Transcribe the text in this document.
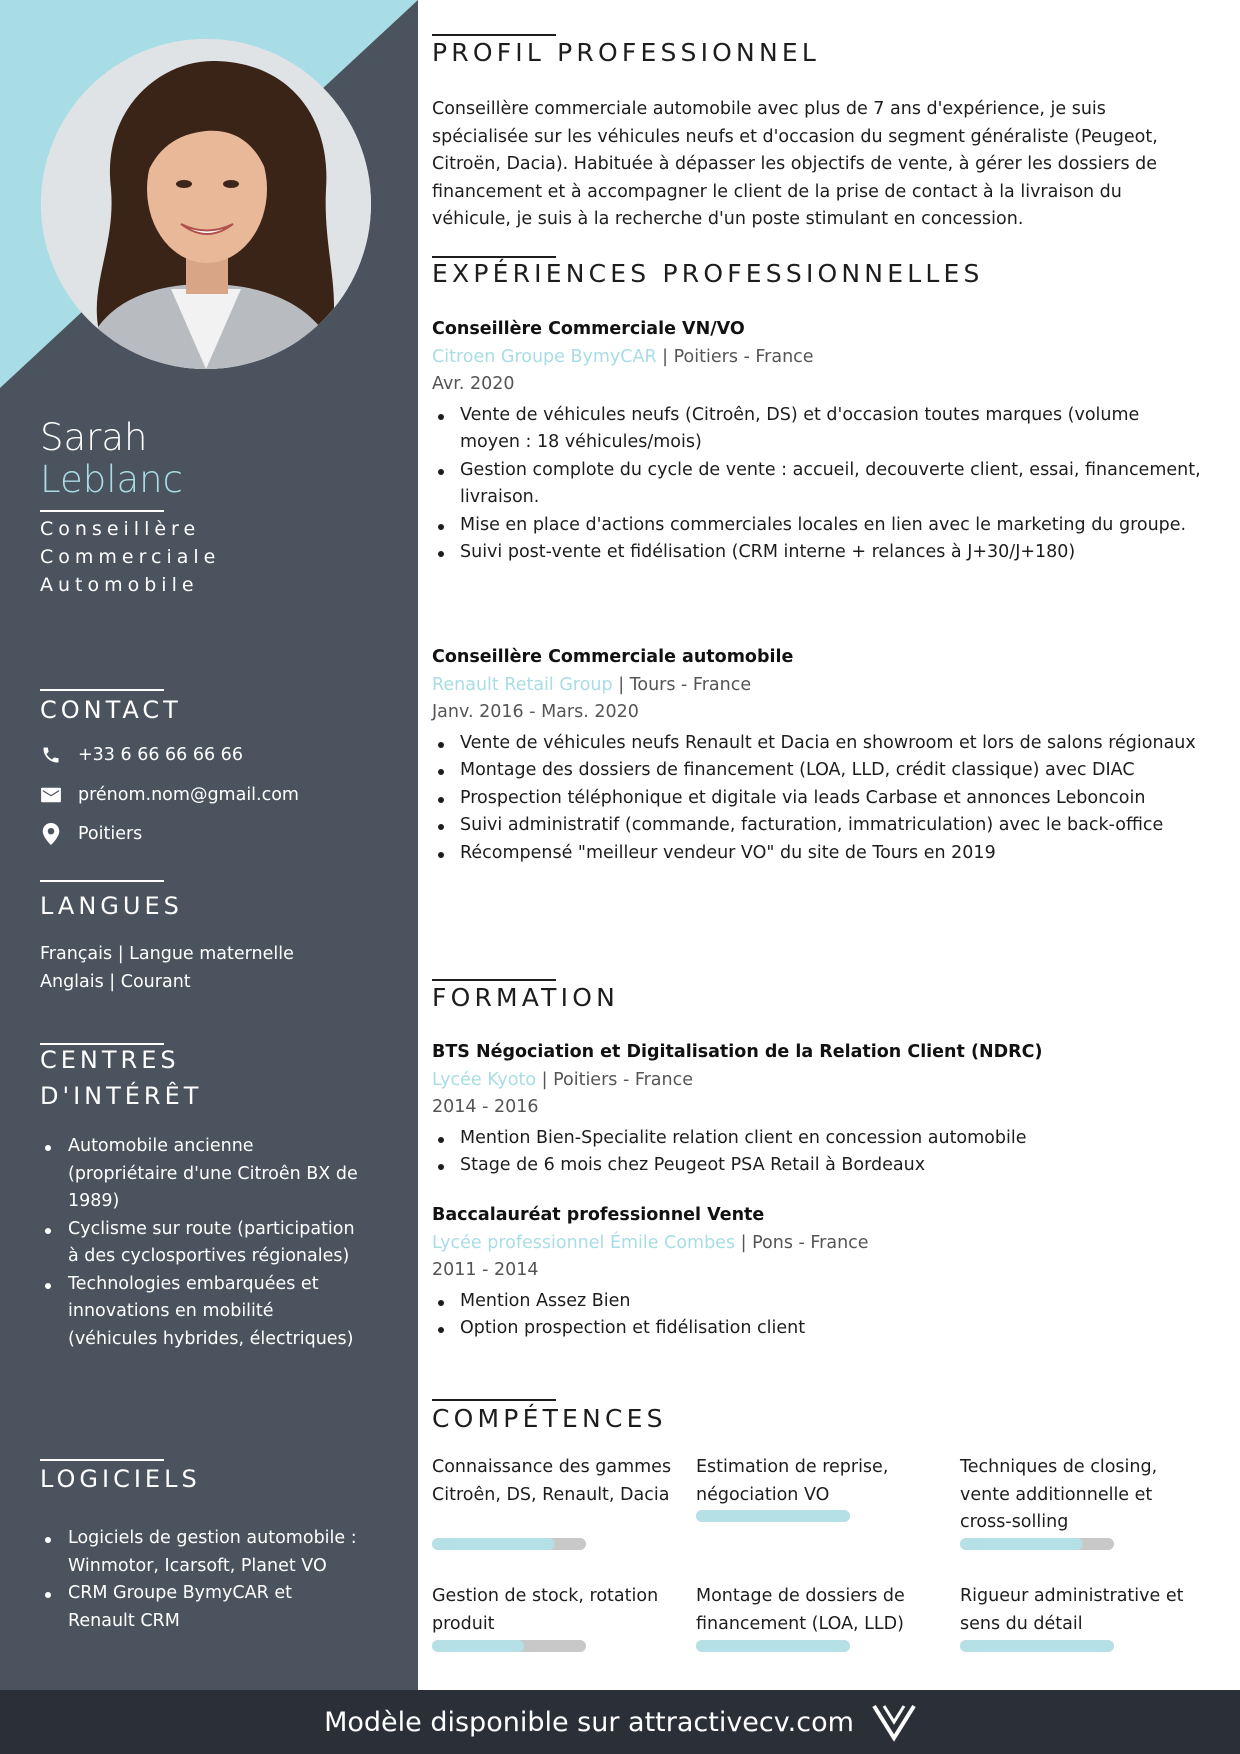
Sarah
Leblanc
Conseillère Commerciale Automobile
CONTACT
+33 6 66 66 66 66
prénom.nom@gmail.com
Poitiers
LANGUES
Français | Langue maternelle
Anglais | Courant
CENTRES
D'INTÉRÊT
Automobile ancienne (propriétaire d'une Citroên BX de 1989)
Cyclisme sur route (participation à des cyclosportives régionales)
Technologies embarquées et innovations en mobilité (véhicules hybrides, électriques)
LOGICIELS
Logiciels de gestion automobile : Winmotor, Icarsoft, Planet VO
CRM Groupe BymyCAR et Renault CRM
PROFIL PROFESSIONNEL
Conseillère commerciale automobile avec plus de 7 ans d'expérience, je suis spécialisée sur les véhicules neufs et d'occasion du segment généraliste (Peugeot, Citroën, Dacia). Habituée à dépasser les objectifs de vente, à gérer les dossiers de financement et à accompagner le client de la prise de contact à la livraison du véhicule, je suis à la recherche d'un poste stimulant en concession.
EXPÉRIENCES PROFESSIONNELLES
Conseillère Commerciale VN/VO
Citroen Groupe BymyCAR | Poitiers - France
Avr. 2020
Vente de véhicules neufs (Citroên, DS) et d'occasion toutes marques (volume moyen : 18 véhicules/mois)
Gestion complote du cycle de vente : accueil, decouverte client, essai, financement, livraison.
Mise en place d'actions commerciales locales en lien avec le marketing du groupe.
Suivi post-vente et fidélisation (CRM interne + relances à J+30/J+180)
Conseillère Commerciale automobile
Renault Retail Group | Tours - France
Janv. 2016 - Mars. 2020
Vente de véhicules neufs Renault et Dacia en showroom et lors de salons régionaux
Montage des dossiers de financement (LOA, LLD, crédit classique) avec DIAC
Prospection téléphonique et digitale via leads Carbase et annonces Leboncoin
Suivi administratif (commande, facturation, immatriculation) avec le back-office
Récompensé "meilleur vendeur VO" du site de Tours en 2019
FORMATION
BTS Négociation et Digitalisation de la Relation Client (NDRC)
Lycée Kyoto | Poitiers - France
2014 - 2016
Mention Bien-Specialite relation client en concession automobile
Stage de 6 mois chez Peugeot PSA Retail à Bordeaux
Baccalauréat professionnel Vente
Lycée professionnel Émile Combes | Pons - France
2011 - 2014
Mention Assez Bien
Option prospection et fidélisation client
COMPÉTENCES
Connaissance des gammes Citroên, DS, Renault, Dacia
Estimation de reprise, négociation VO
Techniques de closing, vente additionnelle et cross-solling
Gestion de stock, rotation produit
Montage de dossiers de financement (LOA, LLD)
Rigueur administrative et sens du détail
Modèle disponible sur attractivecv.com
